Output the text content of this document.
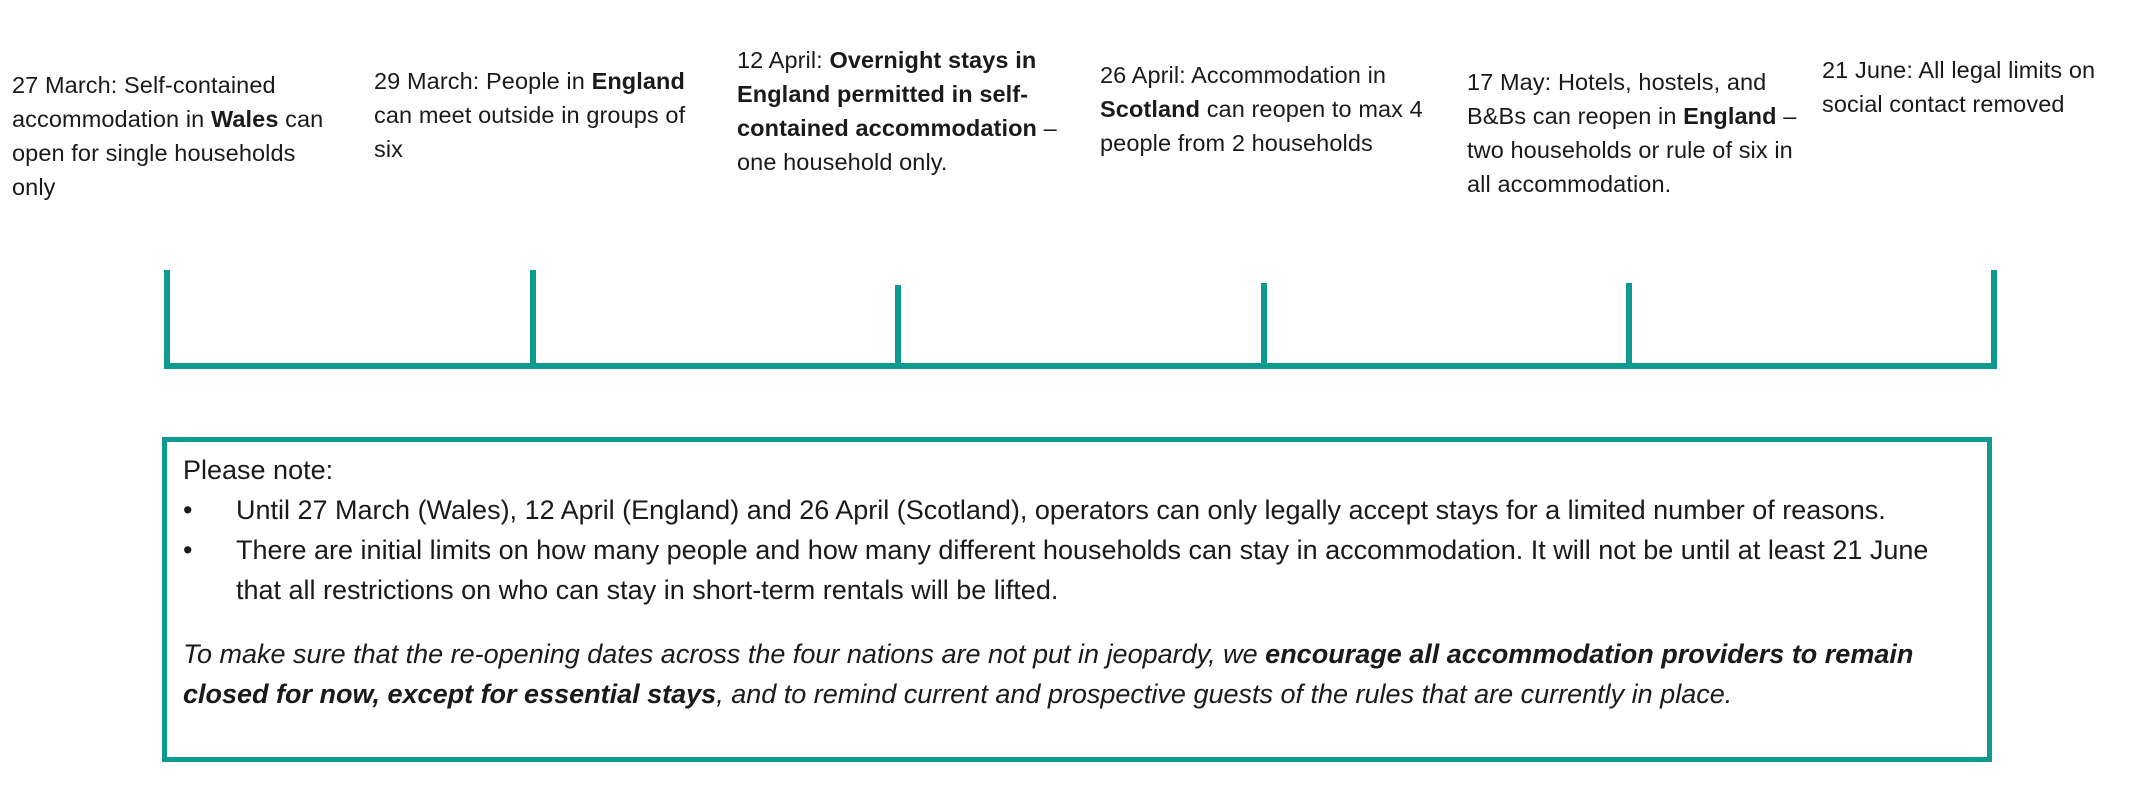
27 March: Self-contained accommodation in Wales can open for single households only
29 March: People in England can meet outside in groups of six
12 April: Overnight stays in England permitted in self-contained accommodation – one household only.
26 April: Accommodation in Scotland can reopen to max 4 people from 2 households
17 May: Hotels, hostels, and B&Bs can reopen in England – two households or rule of six in all accommodation.
21 June: All legal limits on social contact removed

Please note:

• Until 27 March (Wales), 12 April (England) and 26 April (Scotland), operators can only legally accept stays for a limited number of reasons.
• There are initial limits on how many people and how many different households can stay in accommodation. It will not be until at least 21 June that all restrictions on who can stay in short-term rentals will be lifted.

To make sure that the re-opening dates across the four nations are not put in jeopardy, we encourage all accommodation providers to remain closed for now, except for essential stays, and to remind current and prospective guests of the rules that are currently in place.
